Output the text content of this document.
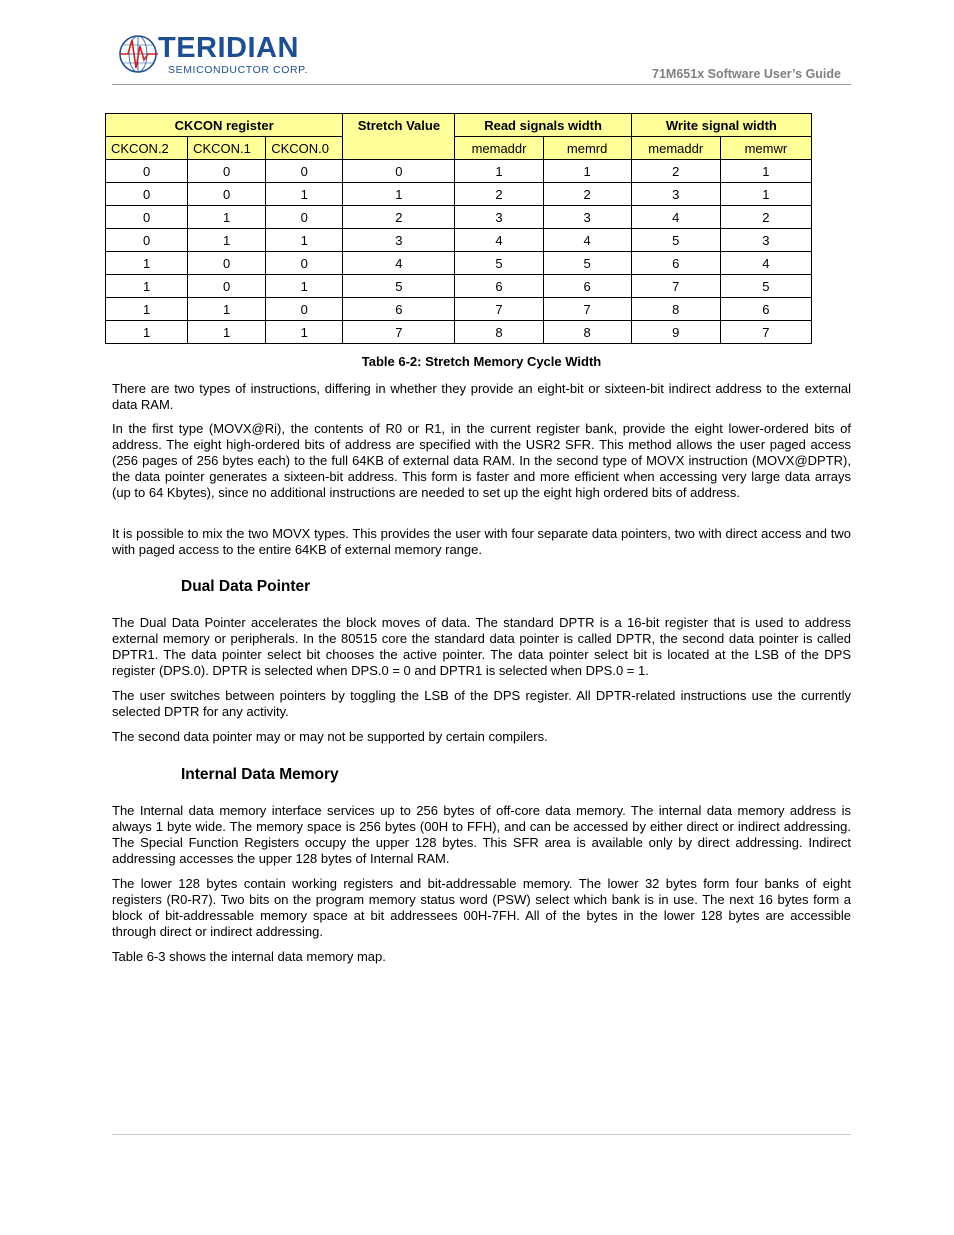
TERIDIAN
SEMICONDUCTOR CORP.	71M651x Software User’s Guide
CKCON register			Stretch Value	Read signals width		Write signal width	
CKCON.2	CKCON.1	CKCON.0		memaddr	memrd	memaddr	memwr
0	0	0	0	1	1	2	1
0	0	1	1	2	2	3	1
0	1	0	2	3	3	4	2
0	1	1	3	4	4	5	3
1	0	0	4	5	5	6	4
1	0	1	5	6	6	7	5
1	1	0	6	7	7	8	6
1	1	1	7	8	8	9	7
Table 6-2: Stretch Memory Cycle Width

There are two types of instructions, differing in whether they provide an eight-bit or sixteen-bit indirect address to the external data RAM.

In the first type (MOVX@Ri), the contents of R0 or R1, in the current register bank, provide the eight lower-ordered bits of address. The eight high-ordered bits of address are specified with the USR2 SFR. This method allows the user paged access (256 pages of 256 bytes each) to the full 64KB of external data RAM. In the second type of MOVX instruction (MOVX@DPTR), the data pointer generates a sixteen-bit address. This form is faster and more efficient when accessing very large data arrays (up to 64 Kbytes), since no additional instructions are needed to set up the eight high ordered bits of address.

It is possible to mix the two MOVX types. This provides the user with four separate data pointers, two with direct access and two with paged access to the entire 64KB of external memory range.

Dual Data Pointer

The Dual Data Pointer accelerates the block moves of data. The standard DPTR is a 16-bit register that is used to address external memory or peripherals. In the 80515 core the standard data pointer is called DPTR, the second data pointer is called DPTR1. The data pointer select bit chooses the active pointer. The data pointer select bit is located at the LSB of the DPS register (DPS.0). DPTR is selected when DPS.0 = 0 and DPTR1 is selected when DPS.0 = 1.

The user switches between pointers by toggling the LSB of the DPS register. All DPTR-related instructions use the currently selected DPTR for any activity.

The second data pointer may or may not be supported by certain compilers.

Internal Data Memory

The Internal data memory interface services up to 256 bytes of off-core data memory. The internal data memory address is always 1 byte wide. The memory space is 256 bytes (00H to FFH), and can be accessed by either direct or indirect addressing. The Special Function Registers occupy the upper 128 bytes. This SFR area is available only by direct addressing. Indirect addressing accesses the upper 128 bytes of Internal RAM.

The lower 128 bytes contain working registers and bit-addressable memory. The lower 32 bytes form four banks of eight registers (R0-R7). Two bits on the program memory status word (PSW) select which bank is in use. The next 16 bytes form a block of bit-addressable memory space at bit addressees 00H-7FH. All of the bytes in the lower 128 bytes are accessible through direct or indirect addressing.

Table 6-3 shows the internal data memory map.
